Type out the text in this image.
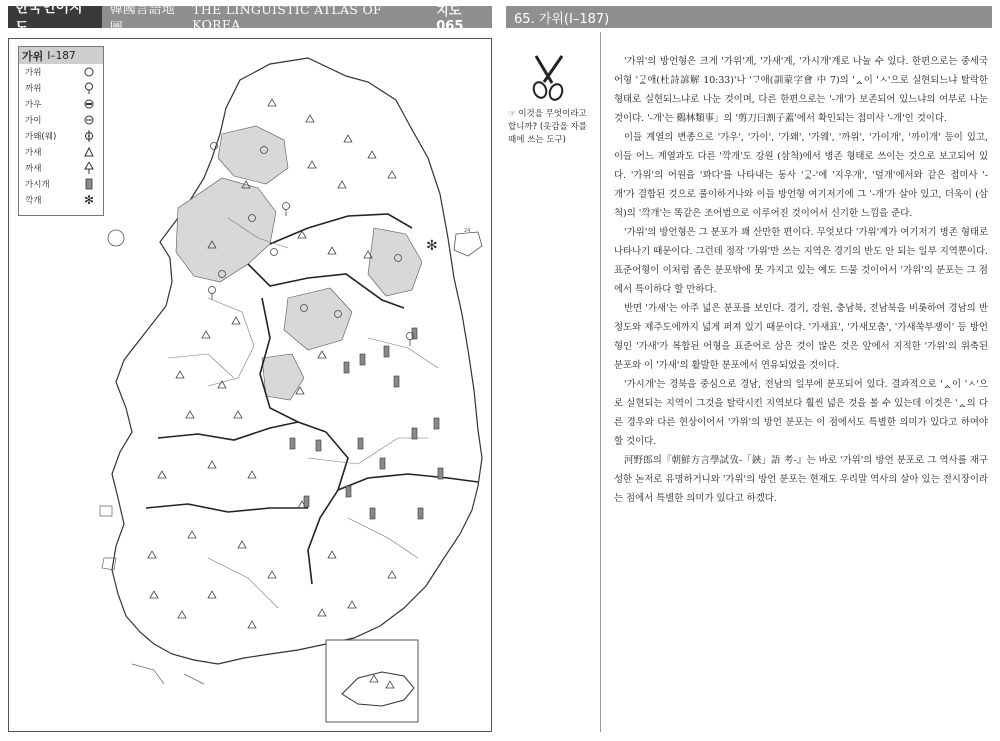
한국언어지도
韓國言語地圖
THE LINGUISTIC ATLAS OF KOREA
지도 065	65. 가위(I–187)
✻
24
가위 I–187
가위
까위
가우
가이
가왜(웨)
가새
까새
가시개
깍개	✻
☞ 이것을 무엇이라고 합니까? (옷감을 자를 때에 쓰는 도구)

'가위'의 방언형은 크게 '가위'계, '가새'계, '가시개'계로 나눌 수 있다. 한편으로는 중세국어형 'ᄀᆞᇫ애(杜詩諺解 10:33)'나 'ᄀᆞ애(訓蒙字會 中 7)의 'ᇫ이 'ㅅ'으로 실현되느냐 탈락한 형태로 실현되느냐로 나눈 것이며, 다른 한편으로는 '-개'가 보존되어 있느냐의 여부로 나눈 것이다. '-개'는 鷄林類事」의 '剪刀曰割子蓋'에서 확인되는 접미사 '-개'인 것이다.

이들 계열의 변종으로 '가우', '가이', '가왜', '가웨', '까위', '가이개', '까이개' 등이 있고, 이들 어느 계열과도 다른 '깍개'도 강원 (삼척)에서 병존 형태로 쓰이는 것으로 보고되어 있다. '가위'의 어원을 '꽈다'를 나타내는 동사 'ᄀᆞᇫ-'에 '지우개', '덮개'에서와 같은 접미사 '-개'가 결합된 것으로 풀이하거나와 이들 방언형 여기저기에 그 '-개'가 살아 있고, 더욱이 (삼척)의 '깍개'는 똑같은 조어법으로 이루어진 것이어서 신기한 느낌을 준다.

'가위'의 방언형은 그 분포가 꽤 산만한 편이다. 무엇보다 '가위'계가 여기저기 병존 형태로 나타나기 때문이다. 그런데 정작 '가위'만 쓰는 지역은 경기의 반도 안 되는 일부 지역뿐이다. 표준어형이 이처럼 좁은 분포밖에 못 가지고 있는 예도 드물 것이어서 '가위'의 분포는 그 점에서 특이하다 할 만하다.

반면 '가새'는 아주 넓은 분포를 보인다. 경기, 강원, 충남북, 전남북을 비롯하여 경남의 반 정도와 제주도에까지 넓게 퍼져 있기 때문이다. '가새표', '가새모춤', '가새쑥부쟁이' 등 방언형인 '가새'가 복합된 어형을 표준어로 삼은 것이 많은 것은 앞에서 지적한 '가위'의 위축된 분포와 이 '가새'의 활발한 분포에서 연유되었을 것이다.

'가시개'는 경북을 중심으로 경남, 전남의 일부에 분포되어 있다. 결과적으로 'ᇫ이 'ㅅ'으로 실현되는 지역이 그것을 탈락시킨 지역보다 훨씬 넓은 것을 볼 수 있는데 이것은 'ᇫ의 다른 경우와 다른 현상이어서 '가위'의 방언 분포는 이 점에서도 특별한 의미가 있다고 하여야 할 것이다.

河野郎의『朝鮮方言學試攷-「鋏」語 考-』는 바로 '가위'의 방언 분포로 그 역사를 재구성한 논저로 유명하거니와 '가위'의 방언 분포는 현재도 우리말 역사의 살아 있는 전시장이라는 점에서 특별한 의미가 있다고 하겠다.
